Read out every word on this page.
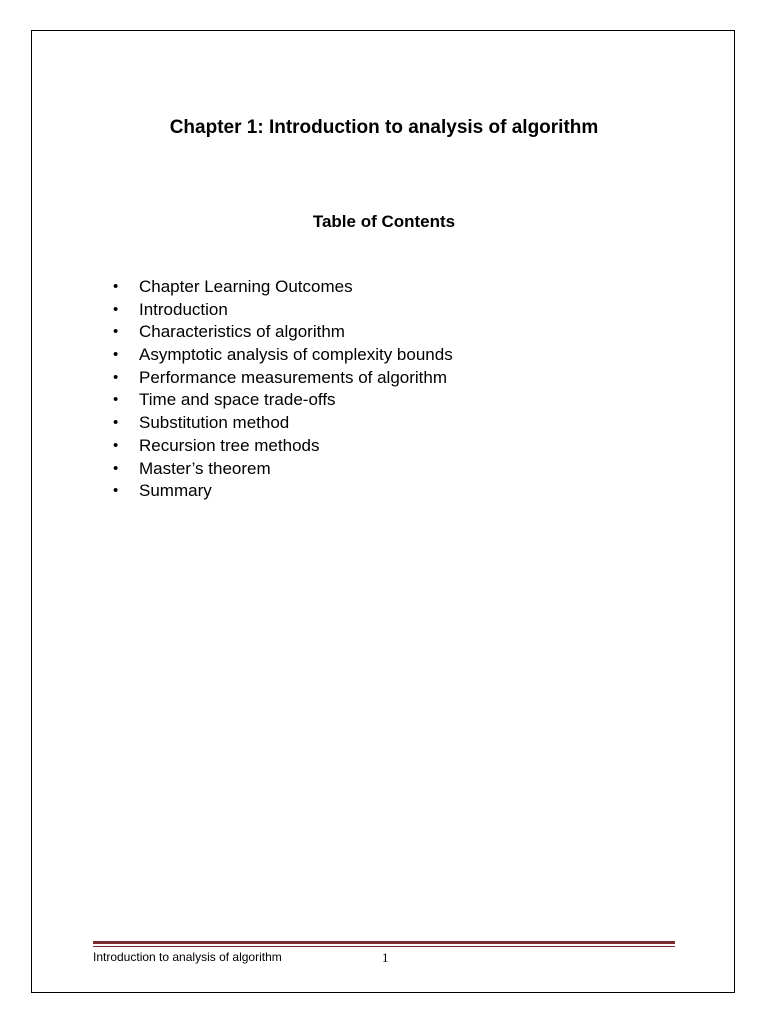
Chapter 1: Introduction to analysis of algorithm
Table of Contents
•	Chapter Learning Outcomes
•	Introduction
•	Characteristics of algorithm
•	Asymptotic analysis of complexity bounds
•	Performance measurements of algorithm
•	Time and space trade-offs
•	Substitution method
•	Recursion tree methods
•	Master’s theorem
•	Summary
Introduction to analysis of algorithm	1
